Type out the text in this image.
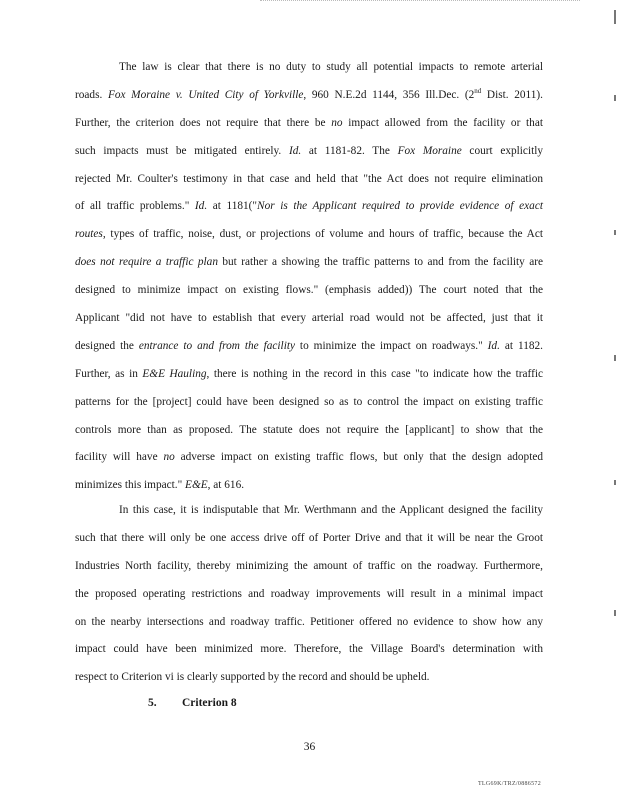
The law is clear that there is no duty to study all potential impacts to remote arterial
roads. Fox Moraine v. United City of Yorkville, 960 N.E.2d 1144, 356 Ill.Dec. (2nd Dist. 2011).
Further, the criterion does not require that there be no impact allowed from the facility or that
such impacts must be mitigated entirely. Id. at 1181-82. The Fox Moraine court explicitly
rejected Mr. Coulter's testimony in that case and held that "the Act does not require elimination
of all traffic problems." Id. at 1181("Nor is the Applicant required to provide evidence of exact
routes, types of traffic, noise, dust, or projections of volume and hours of traffic, because the Act
does not require a traffic plan but rather a showing the traffic patterns to and from the facility are
designed to minimize impact on existing flows." (emphasis added)) The court noted that the
Applicant "did not have to establish that every arterial road would not be affected, just that it
designed the entrance to and from the facility to minimize the impact on roadways." Id. at 1182.
Further, as in E&E Hauling, there is nothing in the record in this case "to indicate how the traffic
patterns for the [project] could have been designed so as to control the impact on existing traffic
controls more than as proposed. The statute does not require the [applicant] to show that the
facility will have no adverse impact on existing traffic flows, but only that the design adopted
minimizes this impact." E&E, at 616.
In this case, it is indisputable that Mr. Werthmann and the Applicant designed the facility
such that there will only be one access drive off of Porter Drive and that it will be near the Groot
Industries North facility, thereby minimizing the amount of traffic on the roadway. Furthermore,
the proposed operating restrictions and roadway improvements will result in a minimal impact
on the nearby intersections and roadway traffic. Petitioner offered no evidence to show how any
impact could have been minimized more. Therefore, the Village Board's determination with
respect to Criterion vi is clearly supported by the record and should be upheld.
5. Criterion 8
36
TLG69K/TRZ/0886572
